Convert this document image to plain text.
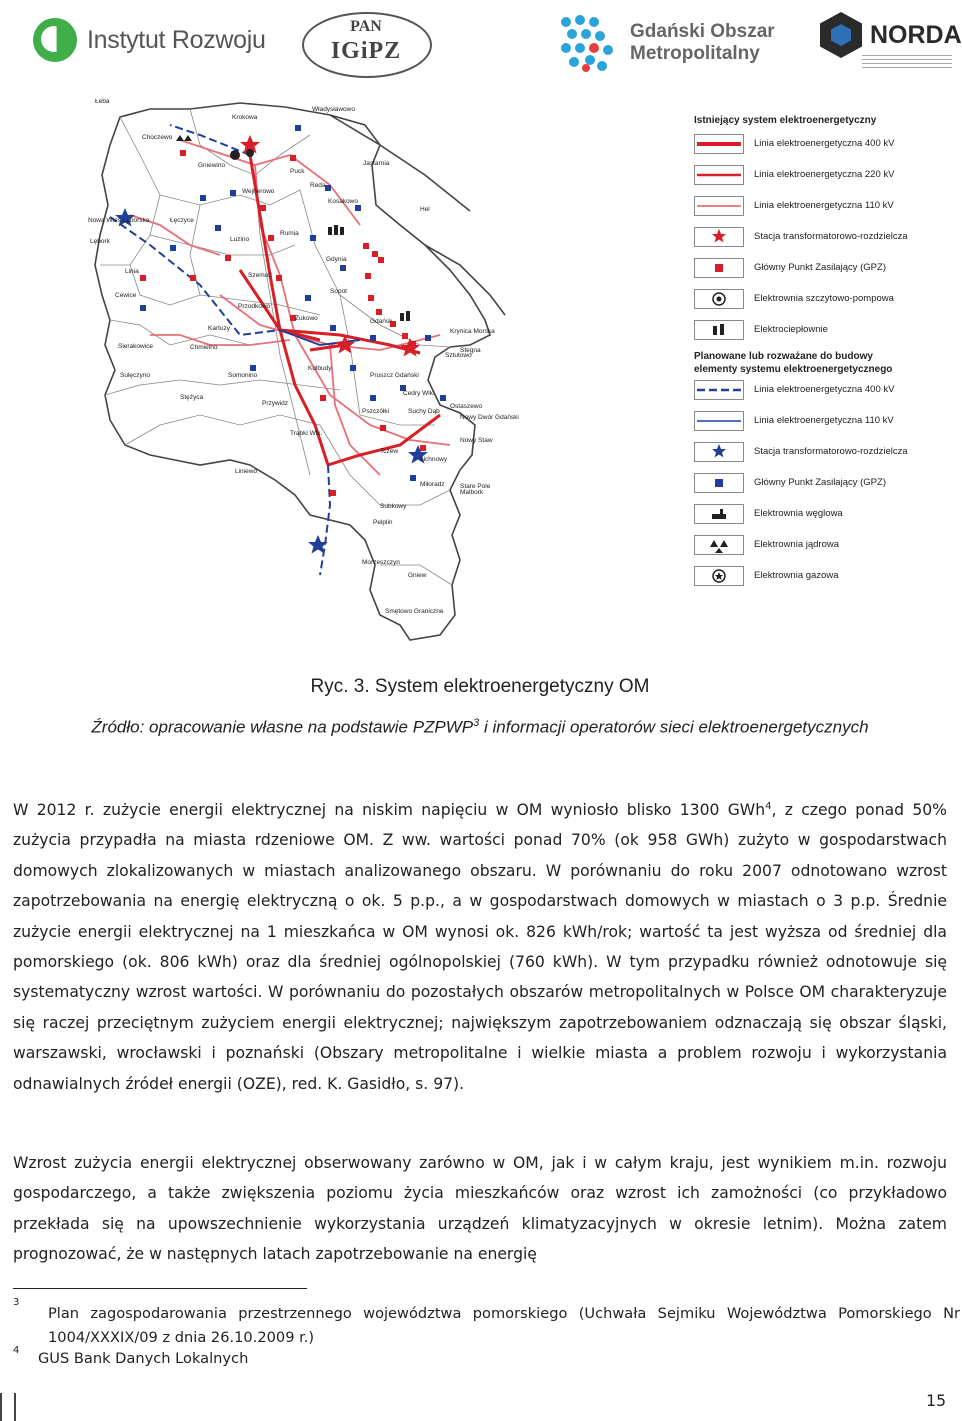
Instytut Rozwoju	PAN
IGiPZ
Gdański Obszar
Metropolitalny
NORDA
Łeba
Choczewo
Krokowa
Władysławowo
Gniewino
Puck
Jastarnia
Reda
Wejherowo
Kosakowo
Hel
Nowa Wieś Lęborska
Lębork
Łęczyce
Luzino
Rumia
Gdynia
Linia
Szemud
Sopot
Cewice
Przodkowo
Gdańsk
Kartuzy
Żukowo
Stegna
Krynica Morska
Sierakowice	Chmielno
Sztutowo
Sulęczyno	Somonino
Kolbudy
Pruszcz Gdański
Cedry Wlk.
Stężyca
Przywidz
Suchy Dąb
Pszczółki
Ostaszewo
Nowy Dwór Gdański
Trąbki Wlk.
Nowy Staw
Tczew
Lichnowy
Liniewo
Malbork
Miłoradz Stare Pole
Subkowy
Pelplin
Gniew
Morzeszczyn
Smętowo Graniczne
Istniejący system elektroenergetyczny
Linia elektroenergetyczna 400 kV
Linia elektroenergetyczna 220 kV
Linia elektroenergetyczna 110 kV
Stacja transformatorowo-rozdzielcza
Główny Punkt Zasilający (GPZ)
Elektrownia szczytowo-pompowa
Elektrociepłownie
Planowane lub rozważane do budowy
elementy systemu elektroenergetycznego
Linia elektroenergetyczna 400 kV
Linia elektroenergetyczna 110 kV
Stacja transformatorowo-rozdzielcza
Główny Punkt Zasilający (GPZ)
Elektrownia węglowa
Elektrownia jądrowa
Elektrownia gazowa
Ryc. 3. System elektroenergetyczny OM
Źródło: opracowanie własne na podstawie PZPWP$^3$ i informacji operatorów sieci elektroenergetycznych
W 2012 r. zużycie energii elektrycznej na niskim napięciu w OM wyniosło blisko 1300 GWh$^4$, z czego ponad 50% zużycia przypadła na miasta rdzeniowe OM. Z ww. wartości ponad 70% (ok 958 GWh) zużyto w gospodarstwach domowych zlokalizowanych w miastach analizowanego obszaru. W porównaniu do roku 2007 odnotowano wzrost zapotrzebowania na energię elektryczną o ok. 5 p.p., a w gospodarstwach domowych w miastach o 3 p.p. Średnie zużycie energii elektrycznej na 1 mieszkańca w OM wynosi ok. 826 kWh/rok; wartość ta jest wyższa od średniej dla pomorskiego (ok. 806 kWh) oraz dla średniej ogólnopolskiej (760 kWh). W tym przypadku również odnotowuje się systematyczny wzrost wartości. W porównaniu do pozostałych obszarów metropolitalnych w Polsce OM charakteryzuje się raczej przeciętnym zużyciem energii elektrycznej; największym zapotrzebowaniem odznaczają się obszar śląski, warszawski, wrocławski i poznański (Obszary metropolitalne i wielkie miasta a problem rozwoju i wykorzystania odnawialnych źródeł energii (OZE), red. K. Gasidło, s. 97).
Wzrost zużycia energii elektrycznej obserwowany zarówno w OM, jak i w całym kraju, jest wynikiem m.in. rozwoju gospodarczego, a także zwiększenia poziomu życia mieszkańców oraz wzrost ich zamożności (co przykładowo przekłada się na upowszechnienie wykorzystania urządzeń klimatyzacyjnych w okresie letnim). Można zatem prognozować, że w następnych latach zapotrzebowanie na energię
3
Plan zagospodarowania przestrzennego województwa pomorskiego (Uchwała Sejmiku Województwa Pomorskiego Nr 1004/XXXIX/09 z dnia 26.10.2009 r.)
4 GUS Bank Danych Lokalnych
15
